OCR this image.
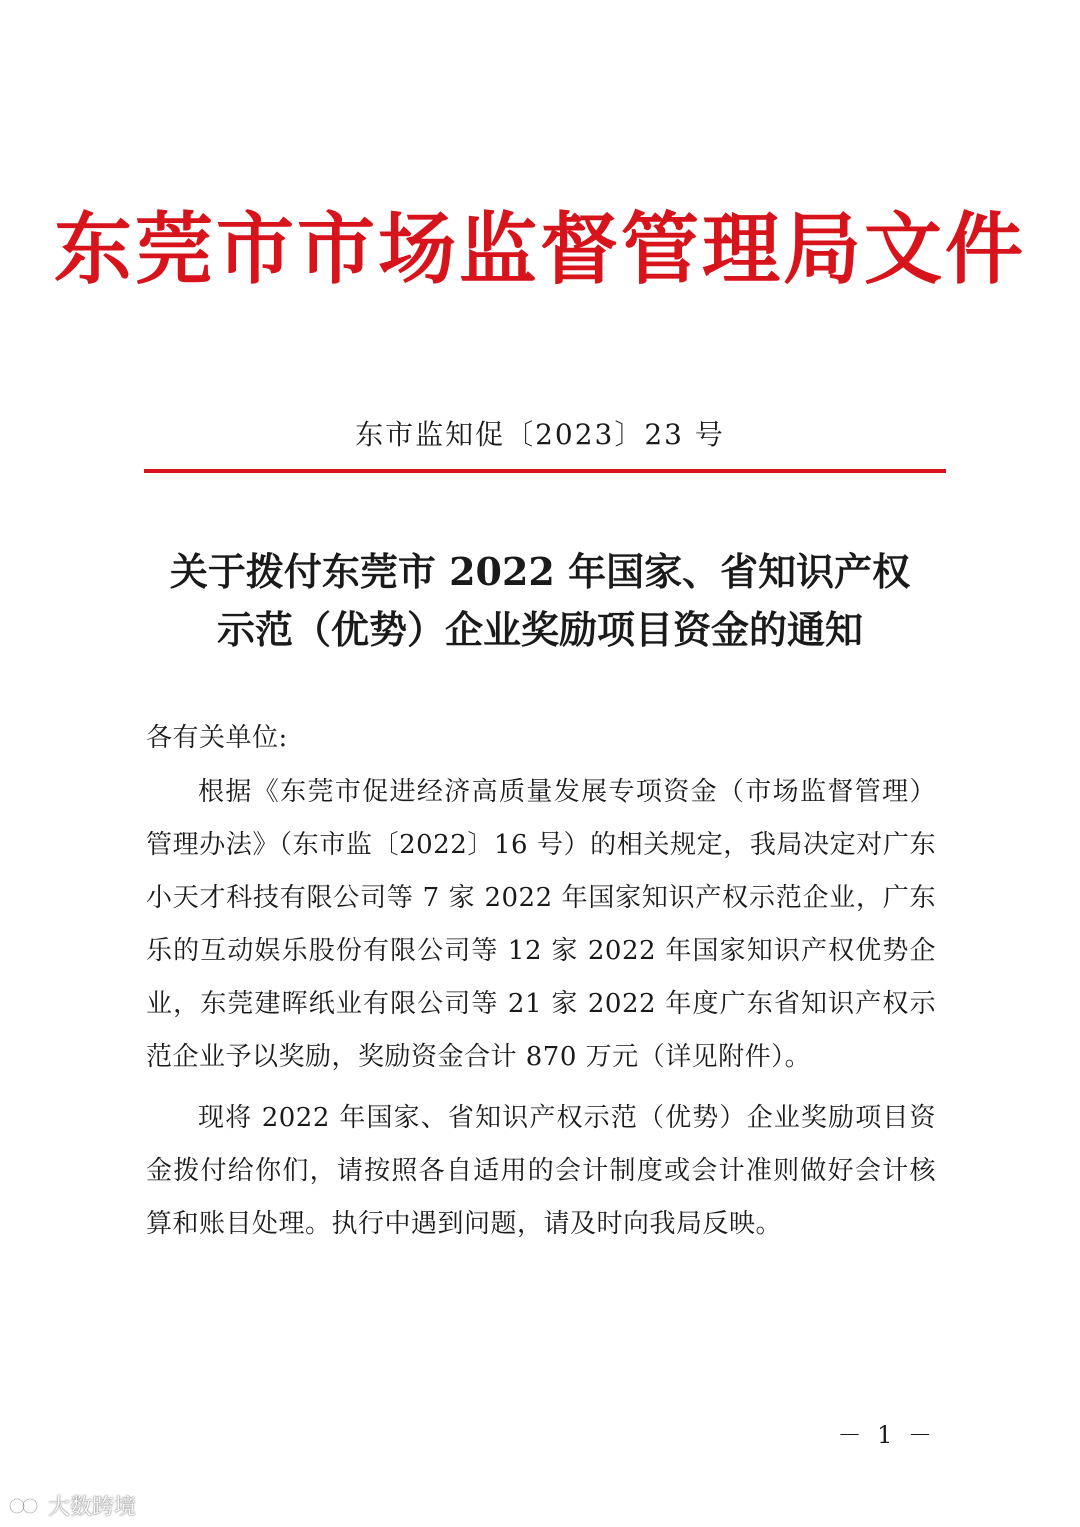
东莞市市场监督管理局文件
东市监知促〔2023〕23 号
关于拨付东莞市 2022 年国家、省知识产权
示范（优势）企业奖励项目资金的通知

各有关单位:

根据《东莞市促进经济高质量发展专项资金（市场监督管理）管理办法》（东市监〔2022〕16 号）的相关规定，我局决定对广东小天才科技有限公司等 7 家 2022 年国家知识产权示范企业，广东乐的互动娱乐股份有限公司等 12 家 2022 年国家知识产权优势企业，东莞建晖纸业有限公司等 21 家 2022 年度广东省知识产权示范企业予以奖励，奖励资金合计 870 万元（详见附件）。

现将 2022 年国家、省知识产权示范（优势）企业奖励项目资金拨付给你们，请按照各自适用的会计制度或会计准则做好会计核算和账目处理。执行中遇到问题，请及时向我局反映。

－ 1 －
大数跨境
